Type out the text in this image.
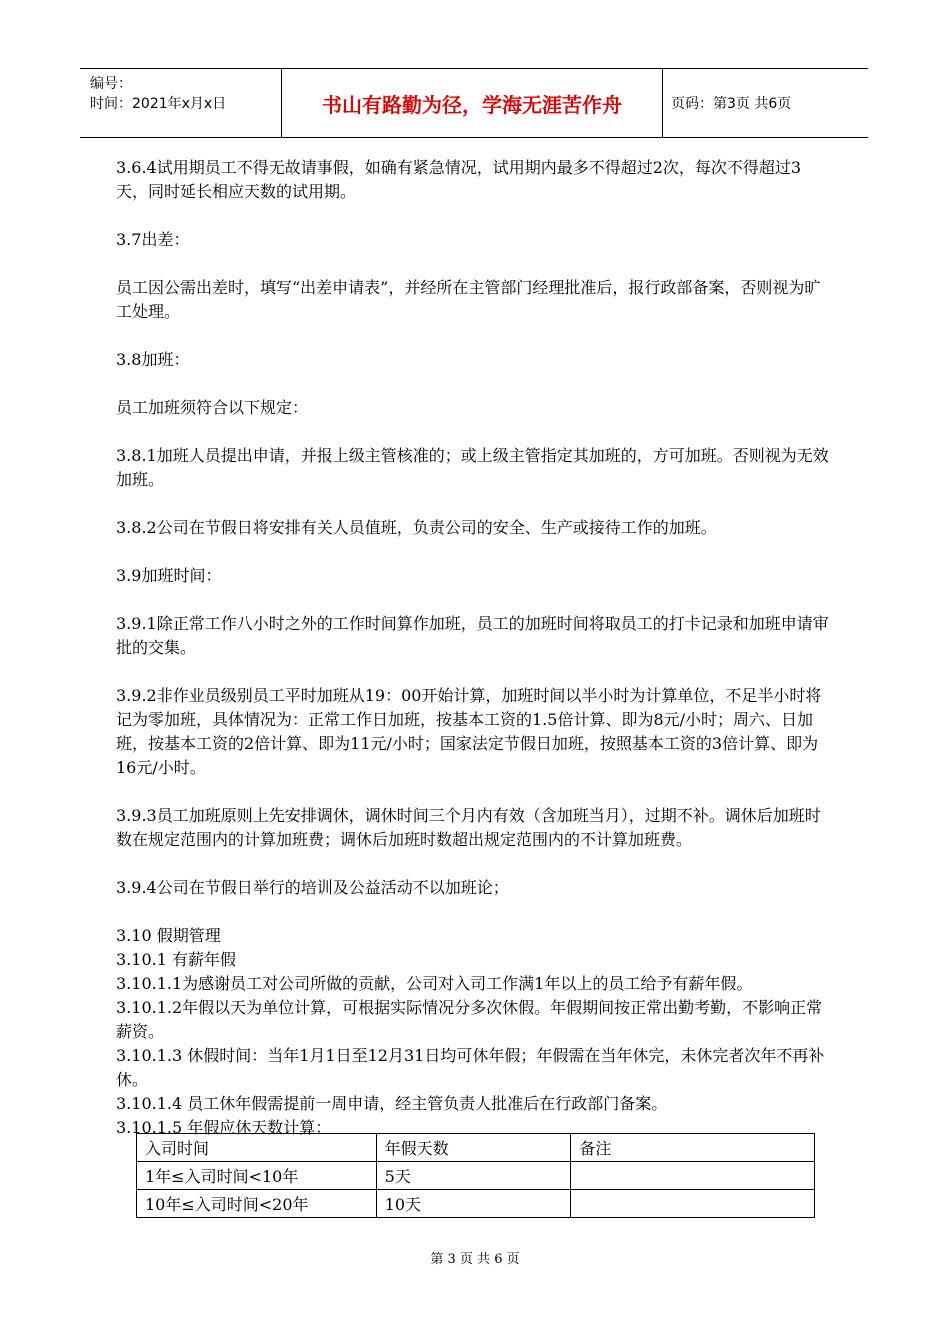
编号：
时间：2021年x月x日	书山有路勤为径，学海无涯苦作舟	页码：第3页 共6页

3.6.4试用期员工不得无故请事假，如确有紧急情况，试用期内最多不得超过2次，每次不得超过3天，同时延长相应天数的试用期。

3.7出差：

员工因公需出差时，填写“出差申请表”，并经所在主管部门经理批准后，报行政部备案，否则视为旷工处理。

3.8加班：

员工加班须符合以下规定：

3.8.1加班人员提出申请，并报上级主管核准的；或上级主管指定其加班的，方可加班。否则视为无效加班。

3.8.2公司在节假日将安排有关人员值班，负责公司的安全、生产或接待工作的加班。

3.9加班时间：

3.9.1除正常工作八小时之外的工作时间算作加班，员工的加班时间将取员工的打卡记录和加班申请审批的交集。

3.9.2非作业员级别员工平时加班从19：00开始计算，加班时间以半小时为计算单位，不足半小时将记为零加班，具体情况为：正常工作日加班，按基本工资的1.5倍计算、即为8元/小时；周六、日加班，按基本工资的2倍计算、即为11元/小时；国家法定节假日加班，按照基本工资的3倍计算、即为16元/小时。

3.9.3员工加班原则上先安排调休，调休时间三个月内有效（含加班当月），过期不补。调休后加班时数在规定范围内的计算加班费；调休后加班时数超出规定范围内的不计算加班费。

3.9.4公司在节假日举行的培训及公益活动不以加班论；

3.10 假期管理

3.10.1 有薪年假

3.10.1.1为感谢员工对公司所做的贡献，公司对入司工作满1年以上的员工给予有薪年假。

3.10.1.2年假以天为单位计算，可根据实际情况分多次休假。年假期间按正常出勤考勤，不影响正常薪资。

3.10.1.3 休假时间：当年1月1日至12月31日均可休年假；年假需在当年休完，未休完者次年不再补休。

3.10.1.4 员工休年假需提前一周申请，经主管负责人批准后在行政部门备案。

3.10.1.5 年假应休天数计算：

入司时间	年假天数	备注
1年≤入司时间<10年	5天	
10年≤入司时间<20年	10天	
第 3 页 共 6 页
